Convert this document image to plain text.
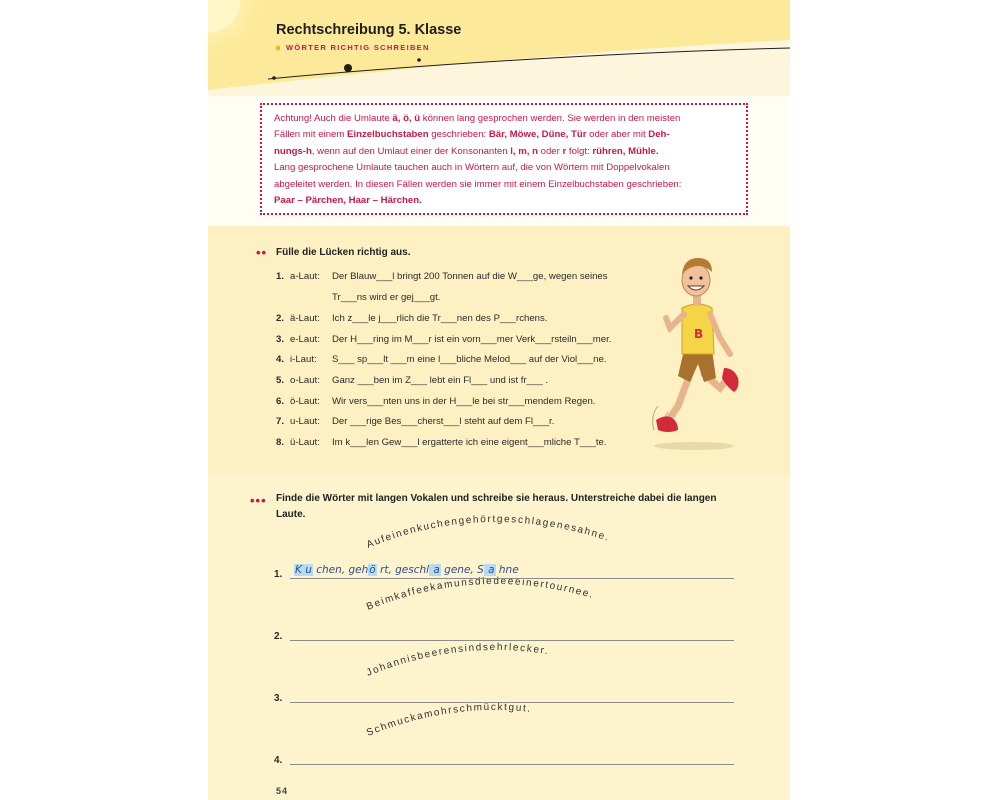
Rechtschreibung 5. Klasse
WÖRTER RICHTIG SCHREIBEN
Achtung! Auch die Umlaute ä, ö, ü können lang gesprochen werden. Sie werden in den meisten
Fällen mit einem Einzelbuchstaben geschrieben: Bär, Möwe, Düne, Tür oder aber mit Deh-
nungs-h, wenn auf den Umlaut einer der Konsonanten l, m, n oder r folgt: rühren, Mühle.
Lang gesprochene Umlaute tauchen auch in Wörtern auf, die von Wörtern mit Doppelvokalen
abgeleitet werden. In diesen Fällen werden sie immer mit einem Einzelbuchstaben geschrieben:
Paar – Pärchen, Haar – Härchen.
•• Fülle die Lücken richtig aus.
1. a-Laut: Der Blauw___l bringt 200 Tonnen auf die W___ge, wegen seines
Tr___ns wird er gej___gt.
2. ä-Laut: Ich z___le j___rlich die Tr___nen des P___rchens.
3. e-Laut: Der H___ring im M___r ist ein vorn___mer Verk___rsteiln___mer.
4. i-Laut: S___ sp___lt ___m eine l___bliche Melod___ auf der Viol___ne.
5. o-Laut: Ganz ___ben im Z___ lebt ein Fl___ und ist fr___ .
6. ö-Laut: Wir vers___nten uns in der H___le bei str___mendem Regen.
7. u-Laut: Der ___rige Bes___cherst___l steht auf dem Fl___r.
8. ü-Laut: Im k___len Gew___l ergatterte ich eine eigent___mliche T___te.
B
••• Finde die Wörter mit langen Vokalen und schreibe sie heraus. Unterstreiche dabei die langen
Laute.
Aufeinenkuchengehörtgeschlagenesahne.
Beimkaffeekamunsdiedeeeinertournee.
Johannisbeerensindsehrlecker.
Schmuckamohrschmücktgut.
1. K u chen, gehö rt, geschl a gene, S a hne
2.
3.
4.
54
